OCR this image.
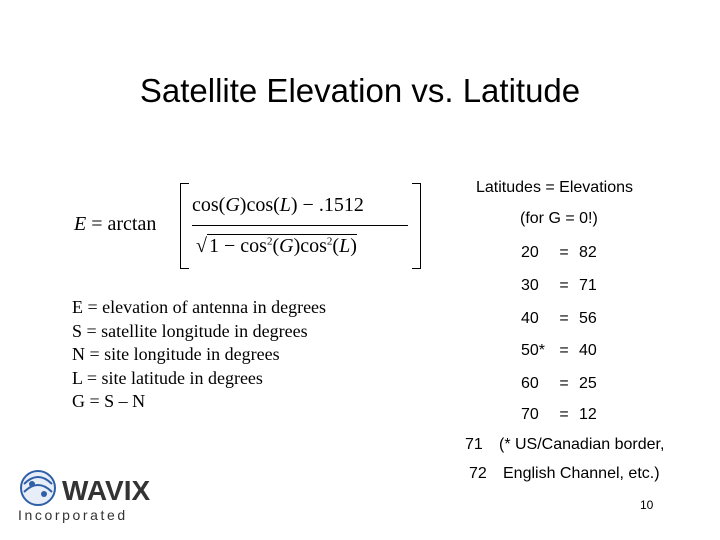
Satellite Elevation vs. Latitude
E = arctan
cos(G)cos(L) − .1512
√ $1 - \cos^2(G)\cos^2(L)$
E = elevation of antenna in degrees
S = satellite longitude in degrees
N = site longitude in degrees
L = site latitude in degrees
G = S – N
Latitudes = Elevations
(for G = 0!)
20 = 82
30 = 71
40 = 56
50* = 40
60 = 25
70 = 12
71 (* US/Canadian border,
72 English Channel, etc.)
WAVIX
Incorporated
10
